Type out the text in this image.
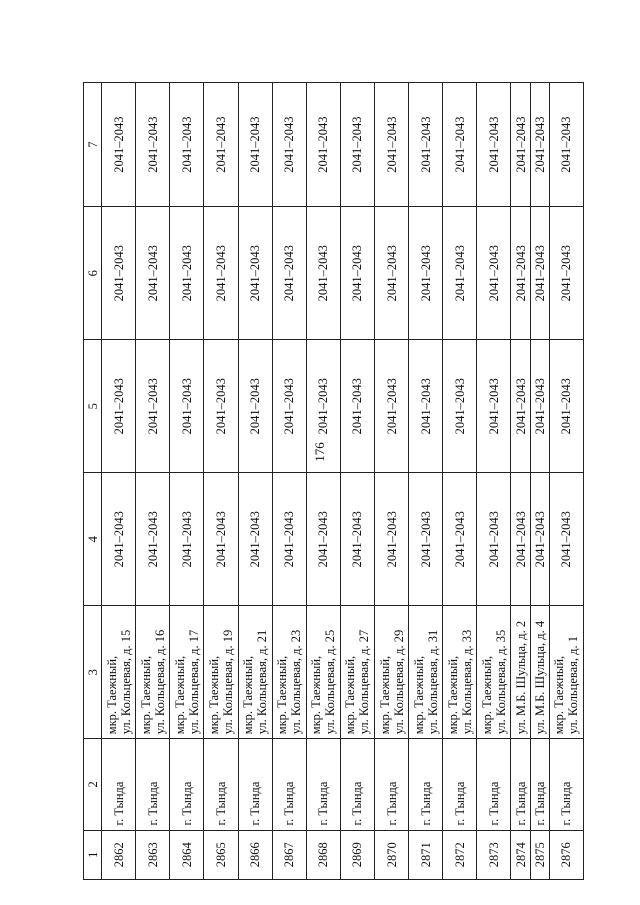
176
1	2	3	4	5	6	7
2862	г. Тында	мкр. Таежный, ул. Кольцевая, д. 15	2041–2043	2041–2043	2041–2043	2041–2043
2863	г. Тында	мкр. Таежный, ул. Кольцевая, д. 16	2041–2043	2041–2043	2041–2043	2041–2043
2864	г. Тында	мкр. Таежный, ул. Кольцевая, д. 17	2041–2043	2041–2043	2041–2043	2041–2043
2865	г. Тында	мкр. Таежный, ул. Кольцевая, д. 19	2041–2043	2041–2043	2041–2043	2041–2043
2866	г. Тында	мкр. Таежный, ул. Кольцевая, д. 21	2041–2043	2041–2043	2041–2043	2041–2043
2867	г. Тында	мкр. Таежный, ул. Кольцевая, д. 23	2041–2043	2041–2043	2041–2043	2041–2043
2868	г. Тында	мкр. Таежный, ул. Кольцевая, д. 25	2041–2043	2041–2043	2041–2043	2041–2043
2869	г. Тында	мкр. Таежный, ул. Кольцевая, д. 27	2041–2043	2041–2043	2041–2043	2041–2043
2870	г. Тында	мкр. Таежный, ул. Кольцевая, д. 29	2041–2043	2041–2043	2041–2043	2041–2043
2871	г. Тында	мкр. Таежный, ул. Кольцевая, д. 31	2041–2043	2041–2043	2041–2043	2041–2043
2872	г. Тында	мкр. Таежный, ул. Кольцевая, д. 33	2041–2043	2041–2043	2041–2043	2041–2043
2873	г. Тында	мкр. Таежный, ул. Кольцевая, д. 35	2041–2043	2041–2043	2041–2043	2041–2043
2874	г. Тында	ул. М.Б. Шульца, д. 2	2041–2043	2041–2043	2041–2043	2041–2043
2875	г. Тында	ул. М.Б. Шульца, д. 4	2041–2043	2041–2043	2041–2043	2041–2043
2876	г. Тында	мкр. Таежный, ул. Кольцевая, д. 1	2041–2043	2041–2043	2041–2043	2041–2043
